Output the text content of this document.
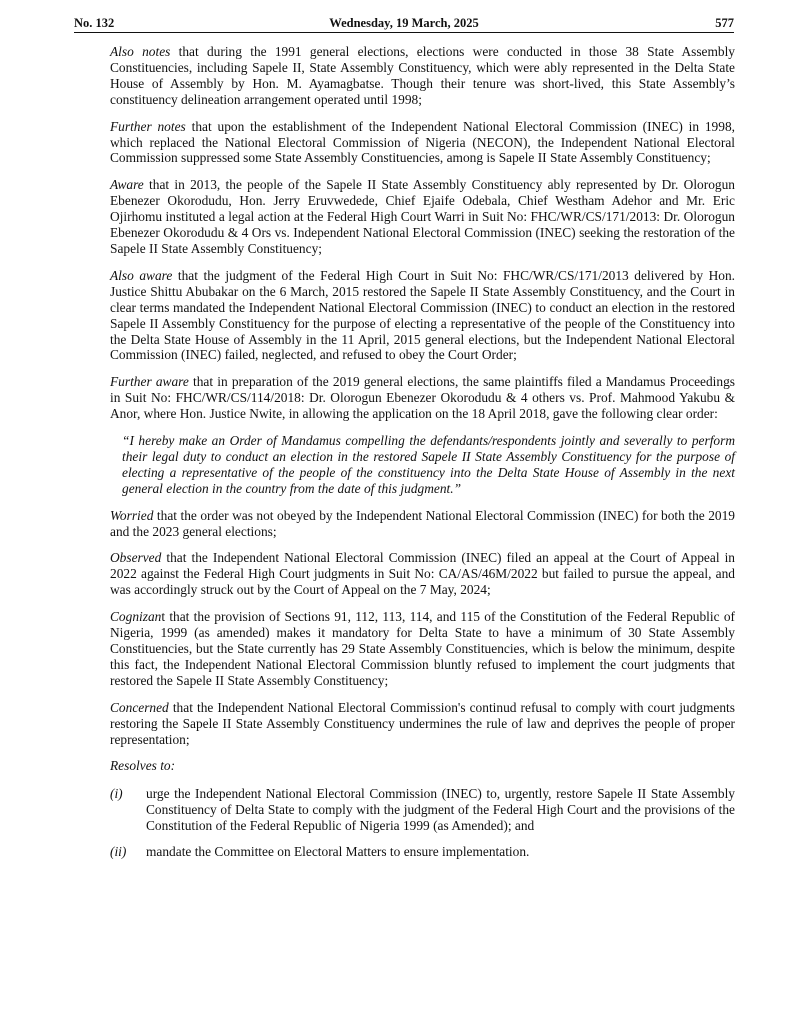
Wednesday, 19 March, 2025
No. 132	577

Also notes that during the 1991 general elections, elections were conducted in those 38 State Assembly Constituencies, including Sapele II, State Assembly Constituency, which were ably represented in the Delta State House of Assembly by Hon. M. Ayamagbatse. Though their tenure was short-lived, this State Assembly’s constituency delineation arrangement operated until 1998;

Further notes that upon the establishment of the Independent National Electoral Commission (INEC) in 1998, which replaced the National Electoral Commission of Nigeria (NECON), the Independent National Electoral Commission suppressed some State Assembly Constituencies, among is Sapele II State Assembly Constituency;

Aware that in 2013, the people of the Sapele II State Assembly Constituency ably represented by Dr. Olorogun Ebenezer Okorodudu, Hon. Jerry Eruvwedede, Chief Ejaife Odebala, Chief Westham Adehor and Mr. Eric Ojirhomu instituted a legal action at the Federal High Court Warri in Suit No: FHC/WR/CS/171/2013: Dr. Olorogun Ebenezer Okorodudu & 4 Ors vs. Independent National Electoral Commission (INEC) seeking the restoration of the Sapele II State Assembly Constituency;

Also aware that the judgment of the Federal High Court in Suit No: FHC/WR/CS/171/2013 delivered by Hon. Justice Shittu Abubakar on the 6 March, 2015 restored the Sapele II State Assembly Constituency, and the Court in clear terms mandated the Independent National Electoral Commission (INEC) to conduct an election in the restored Sapele II Assembly Constituency for the purpose of electing a representative of the people of the Constituency into the Delta State House of Assembly in the 11 April, 2015 general elections, but the Independent National Electoral Commission (INEC) failed, neglected, and refused to obey the Court Order;

Further aware that in preparation of the 2019 general elections, the same plaintiffs filed a Mandamus Proceedings in Suit No: FHC/WR/CS/114/2018: Dr. Olorogun Ebenezer Okorodudu & 4 others vs. Prof. Mahmood Yakubu & Anor, where Hon. Justice Nwite, in allowing the application on the 18 April 2018, gave the following clear order:

“I hereby make an Order of Mandamus compelling the defendants/respondents jointly and severally to perform their legal duty to conduct an election in the restored Sapele II State Assembly Constituency for the purpose of electing a representative of the people of the constituency into the Delta State House of Assembly in the next general election in the country from the date of this judgment.”

Worried that the order was not obeyed by the Independent National Electoral Commission (INEC) for both the 2019 and the 2023 general elections;

Observed that the Independent National Electoral Commission (INEC) filed an appeal at the Court of Appeal in 2022 against the Federal High Court judgments in Suit No: CA/AS/46M/2022 but failed to pursue the appeal, and was accordingly struck out by the Court of Appeal on the 7 May, 2024;

Cognizant that the provision of Sections 91, 112, 113, 114, and 115 of the Constitution of the Federal Republic of Nigeria, 1999 (as amended) makes it mandatory for Delta State to have a minimum of 30 State Assembly Constituencies, but the State currently has 29 State Assembly Constituencies, which is below the minimum, despite this fact, the Independent National Electoral Commission bluntly refused to implement the court judgments that restored the Sapele II State Assembly Constituency;

Concerned that the Independent National Electoral Commission's continud refusal to comply with court judgments restoring the Sapele II State Assembly Constituency undermines the rule of law and deprives the people of proper representation;

Resolves to:

(i)	urge the Independent National Electoral Commission (INEC) to, urgently, restore Sapele II State Assembly Constituency of Delta State to comply with the judgment of the Federal High Court and the provisions of the Constitution of the Federal Republic of Nigeria 1999 (as Amended); and
(ii)	mandate the Committee on Electoral Matters to ensure implementation.
